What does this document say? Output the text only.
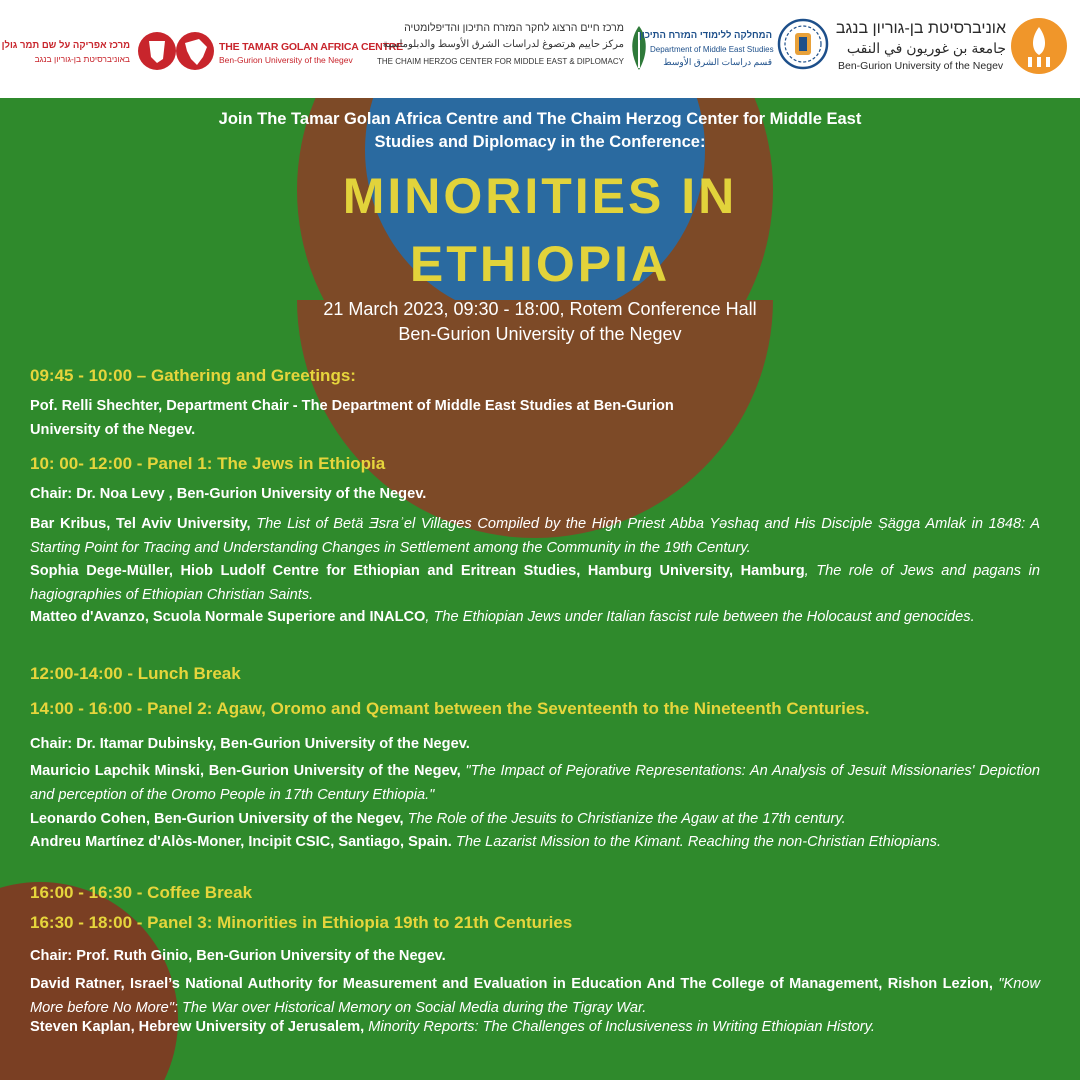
מרכז אפריקה על שם תמר גולן
באוניברסיטת בן-גוריון בנגב
THE TAMAR GOLAN AFRICA CENTRE
Ben-Gurion University of the Negev
מרכז חיים הרצוג לחקר המזרח התיכון והדיפלומטיה
مركز حاييم هرتصوغ لدراسات الشرق الأوسط والدبلوماسية
THE CHAIM HERZOG CENTER FOR MIDDLE EAST & DIPLOMACY
המחלקה ללימודי המזרח התיכון
Department of Middle East Studies
قسم دراسات الشرق الأوسط
אוניברסיטת בן-גוריון בנגב
جامعة بن غوريون في النقب
Ben-Gurion University of the Negev
Join The Tamar Golan Africa Centre and The Chaim Herzog Center for Middle East
Studies and Diplomacy in the Conference:
MINORITIES IN
ETHIOPIA
21 March 2023, 09:30 - 18:00, Rotem Conference Hall
Ben-Gurion University of the Negev
09:45 - 10:00 – Gathering and Greetings:
Pof. Relli Shechter, Department Chair - The Department of Middle East Studies at Ben-Gurion
University of the Negev.
10: 00- 12:00 - Panel 1: The Jews in Ethiopia
Chair: Dr. Noa Levy , Ben-Gurion University of the Negev.
Bar Kribus, Tel Aviv University, The List of Betä Ǝsraʾel Villages Compiled by the High Priest Abba Yəshaq and His Disciple Ṣägga Amlak in 1848: A Starting Point for Tracing and Understanding Changes in Settlement among the Community in the 19th Century.
Sophia Dege-Müller, Hiob Ludolf Centre for Ethiopian and Eritrean Studies, Hamburg University, Hamburg, The role of Jews and pagans in hagiographies of Ethiopian Christian Saints.
Matteo d'Avanzo, Scuola Normale Superiore and INALCO, The Ethiopian Jews under Italian fascist rule between the Holocaust and genocides.
12:00-14:00 - Lunch Break
14:00 - 16:00 - Panel 2: Agaw, Oromo and Qemant between the Seventeenth to the Nineteenth Centuries.
Chair: Dr. Itamar Dubinsky, Ben-Gurion University of the Negev.
Mauricio Lapchik Minski, Ben-Gurion University of the Negev, "The Impact of Pejorative Representations: An Analysis of Jesuit Missionaries' Depiction and perception of the Oromo People in 17th Century Ethiopia."
Leonardo Cohen, Ben-Gurion University of the Negev, The Role of the Jesuits to Christianize the Agaw at the 17th century.
Andreu Martínez d'Alòs-Moner, Incipit CSIC, Santiago, Spain. The Lazarist Mission to the Kimant. Reaching the non-Christian Ethiopians.
16:00 - 16:30 - Coffee Break
16:30 - 18:00 - Panel 3: Minorities in Ethiopia 19th to 21th Centuries
Chair: Prof. Ruth Ginio, Ben-Gurion University of the Negev.
David Ratner, Israel’s National Authority for Measurement and Evaluation in Education And The College of Management, Rishon Lezion, "Know More before No More": The War over Historical Memory on Social Media during the Tigray War.
Steven Kaplan, Hebrew University of Jerusalem, Minority Reports: The Challenges of Inclusiveness in Writing Ethiopian History.
